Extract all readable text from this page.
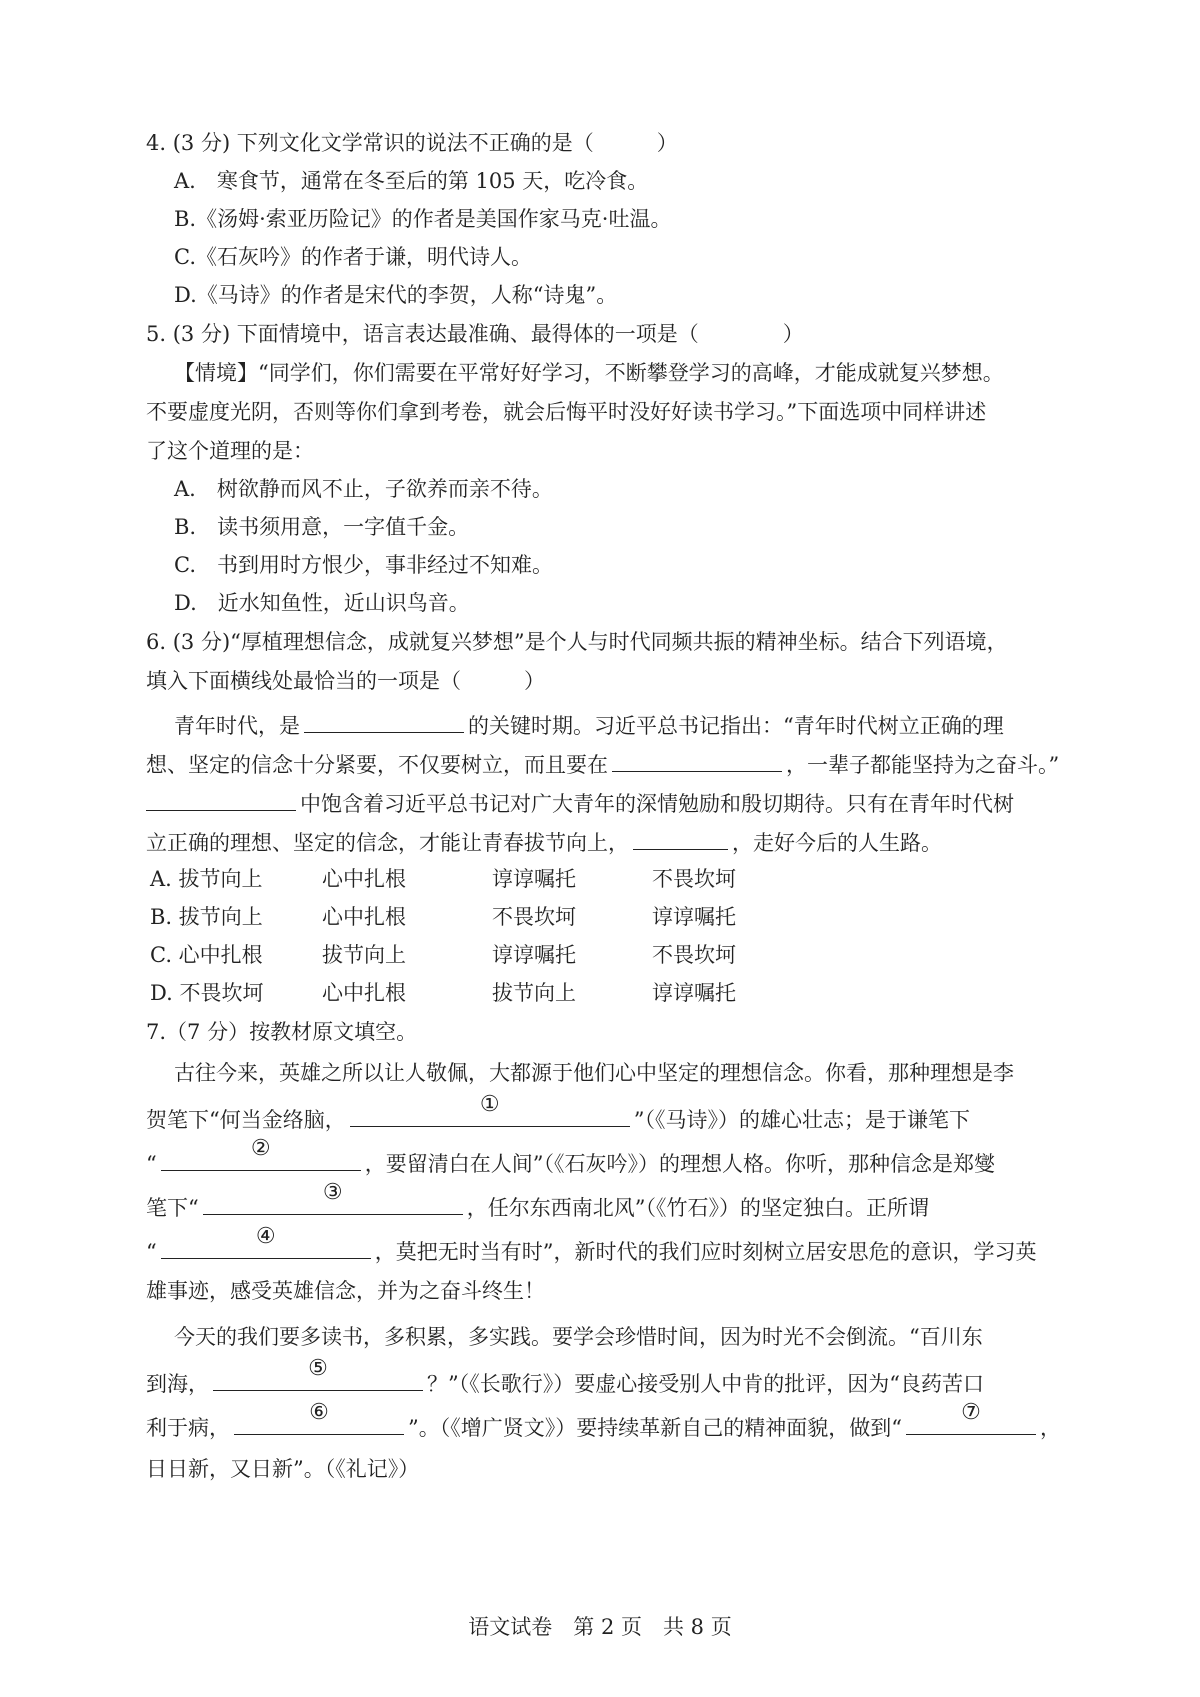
4. (3 分) 下列文化文学常识的说法不正确的是（　　　）
A.　寒食节，通常在冬至后的第 105 天，吃冷食。
B.《汤姆·索亚历险记》的作者是美国作家马克·吐温。
C.《石灰吟》的作者于谦，明代诗人。
D.《马诗》的作者是宋代的李贺，人称“诗鬼”。
5. (3 分) 下面情境中，语言表达最准确、最得体的一项是（　　　　）
【情境】“同学们，你们需要在平常好好学习，不断攀登学习的高峰，才能成就复兴梦想。
不要虚度光阴，否则等你们拿到考卷，就会后悔平时没好好读书学习。”下面选项中同样讲述
了这个道理的是：
A.　树欲静而风不止，子欲养而亲不待。
B.　读书须用意，一字值千金。
C.　书到用时方恨少，事非经过不知难。
D.　近水知鱼性，近山识鸟音。
6. (3 分)“厚植理想信念，成就复兴梦想”是个人与时代同频共振的精神坐标。结合下列语境，
填入下面横线处最恰当的一项是（　　　）
青年时代，是	的关键时期。习近平总书记指出：“青年时代树立正确的理
想、坚定的信念十分紧要，不仅要树立，而且要在	，一辈子都能坚持为之奋斗。”
中饱含着习近平总书记对广大青年的深情勉励和殷切期待。只有在青年时代树
立正确的理想、坚定的信念，才能让青春拔节向上，	，走好今后的人生路。
A. 拔节向上	心中扎根	谆谆嘱托	不畏坎坷
B. 拔节向上	心中扎根	不畏坎坷	谆谆嘱托
C. 心中扎根	拔节向上	谆谆嘱托	不畏坎坷
D. 不畏坎坷	心中扎根	拔节向上	谆谆嘱托
7.（7 分）按教材原文填空。
古往今来，英雄之所以让人敬佩，大都源于他们心中坚定的理想信念。你看，那种理想是李
贺笔下“何当金络脑，
①
”（《马诗》）的雄心壮志；是于谦笔下
“
②
，要留清白在人间”（《石灰吟》）的理想人格。你听，那种信念是郑燮
笔下“
③
，任尔东西南北风”（《竹石》）的坚定独白。正所谓
“
④
，莫把无时当有时”，新时代的我们应时刻树立居安思危的意识，学习英
雄事迹，感受英雄信念，并为之奋斗终生！
今天的我们要多读书，多积累，多实践。要学会珍惜时间，因为时光不会倒流。“百川东
到海，
⑤
？”（《长歌行》）要虚心接受别人中肯的批评，因为“良药苦口
利于病，
⑥
”。（《增广贤文》）要持续革新自己的精神面貌，做到“
⑦
，
日日新，又日新”。（《礼记》）
语文试卷　第 2 页　共 8 页
